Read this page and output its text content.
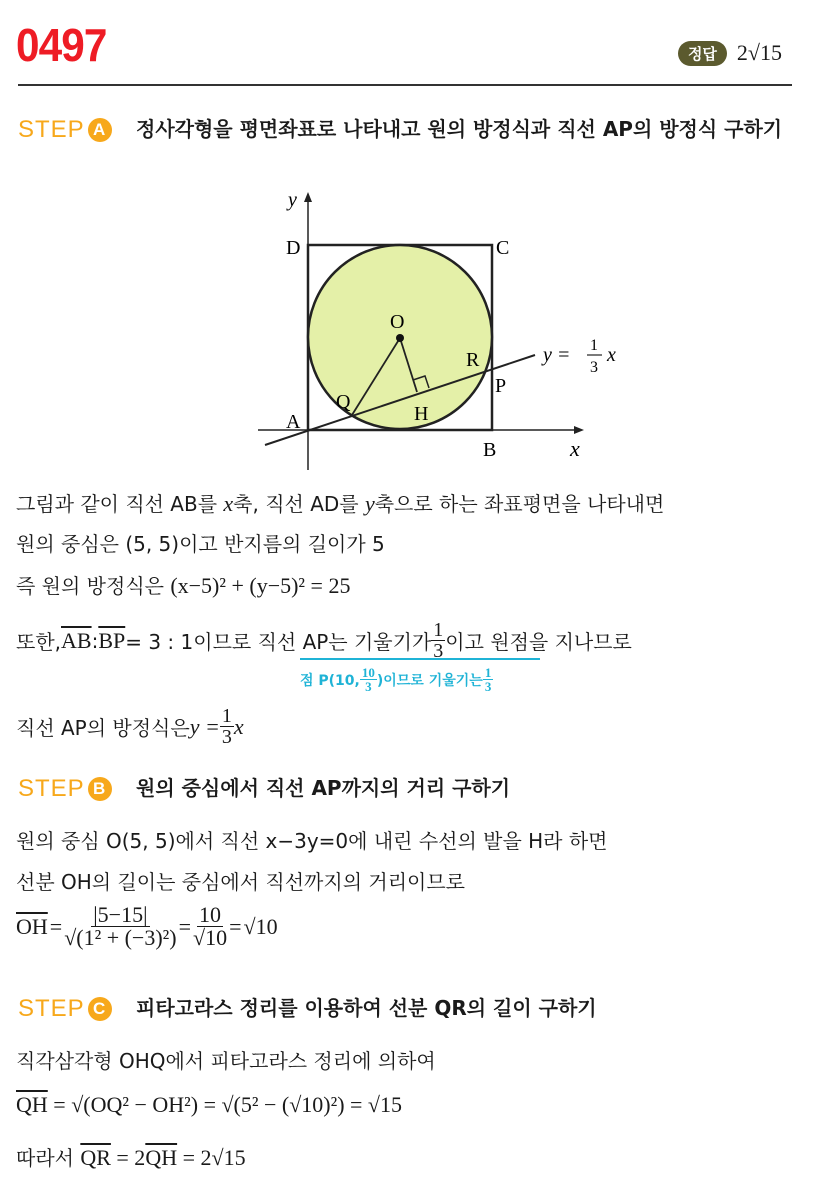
0497	정답 2√15
STEP A 정사각형을 평면좌표로 나타내고 원의 방정식과 직선 AP의 방정식 구하기
y
x
D	C
A
B
O
P
Q
R
H
y = 1
3
x
그림과 같이 직선 AB를 x축, 직선 AD를 y축으로 하는 좌표평면을 나타내면
원의 중심은 (5, 5)이고 반지름의 길이가 5
즉 원의 방정식은 (x−5)² + (y−5)² = 25
또한, $\overline{AB}$ : $\overline{BP} = 3$ : 1이므로 직선 AP는 기울기가 $\frac{1}{3}$ 이고 원점을 지나므로
점 P(10, $\frac{10}{3}$ )이므로 기울기는 $\frac{1}{3}$
직선 AP의 방정식은 $y = \frac{1}{3}$ x
STEP B 원의 중심에서 직선 AP까지의 거리 구하기
원의 중심 O(5, 5)에서 직선 x−3y=0에 내린 수선의 발을 H라 하면
선분 OH의 길이는 중심에서 직선까지의 거리이므로
$\overline{OH} = \frac{|5-15|}{\text{√(1² + (−3)²)}} = \frac{10}{√10} = √10$
STEP C 피타고라스 정리를 이용하여 선분 QR의 길이 구하기
직각삼각형 OHQ에서 피타고라스 정리에 의하여
$\overline{QH} = √(OQ^2 - OH^2) = √(5^2 - (√10)^2) = √15$
따라서 $\overline{QR} = 2\overline{QH} = 2√15$
